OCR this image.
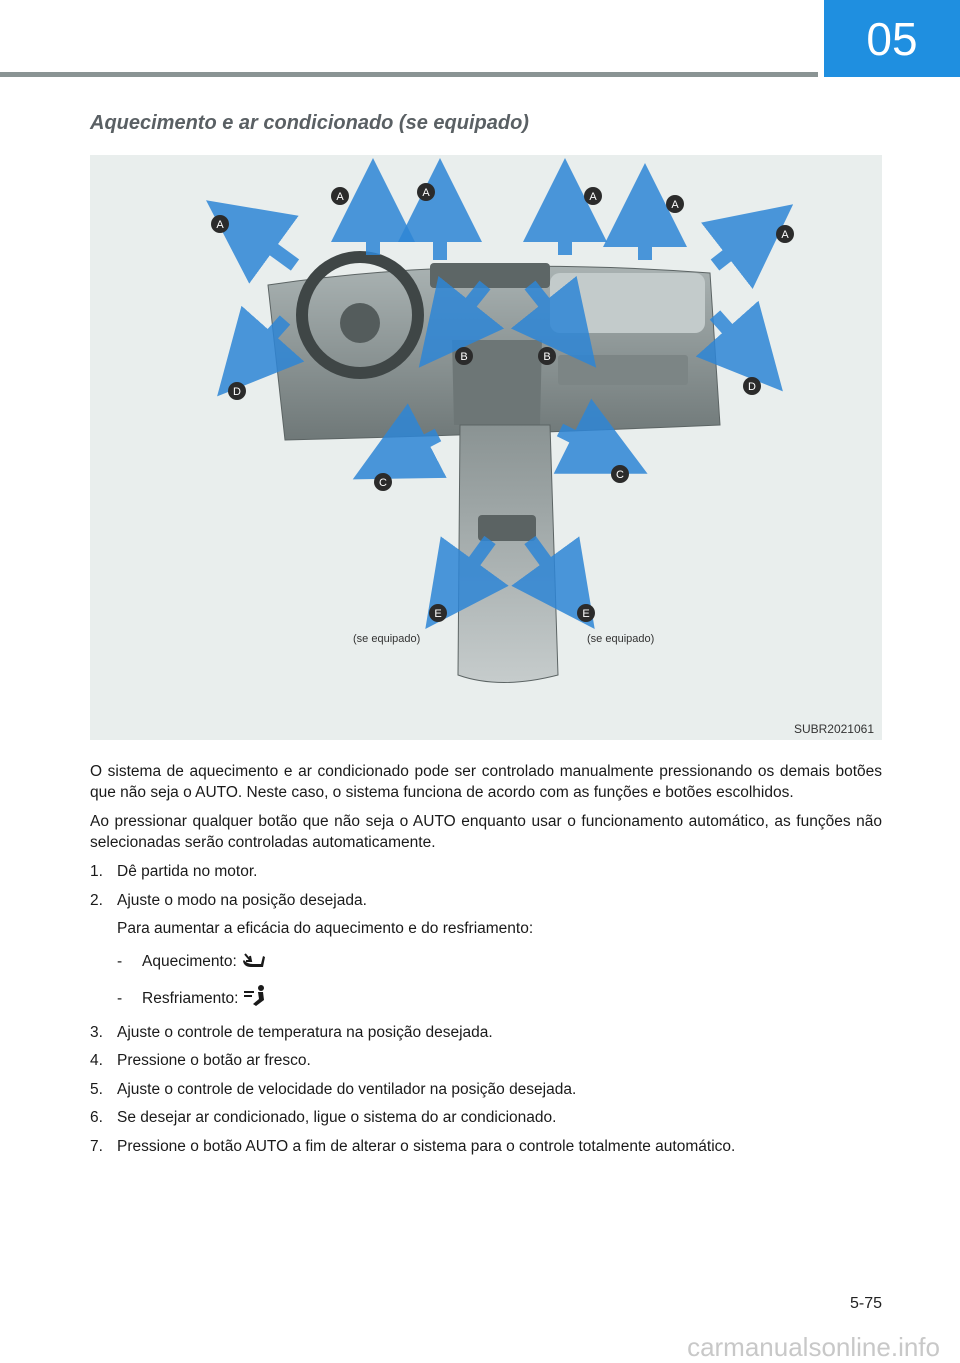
05
Aquecimento e ar condicionado (se equipado)
A
A	A	A
A
A
B	B
D	D
C
C
E	E
(se equipado)	(se equipado)
SUBR2021061

O sistema de aquecimento e ar condicionado pode ser controlado manualmente pressionando os demais botões que não seja o AUTO. Neste caso, o sistema funciona de acordo com as funções e botões escolhidos.

Ao pressionar qualquer botão que não seja o AUTO enquanto usar o funcionamento automático, as funções não selecionadas serão controladas automaticamente.

1. Dê partida no motor.
2. Ajuste o modo na posição desejada.
Para aumentar a eficácia do aquecimento e do resfriamento:
-	Aquecimento:
-	Resfriamento:
3. Ajuste o controle de temperatura na posição desejada.
4. Pressione o botão ar fresco.
5. Ajuste o controle de velocidade do ventilador na posição desejada.
6. Se desejar ar condicionado, ligue o sistema do ar condicionado.
7. Pressione o botão AUTO a fim de alterar o sistema para o controle totalmente automático.
5-75
carmanualsonline.info
